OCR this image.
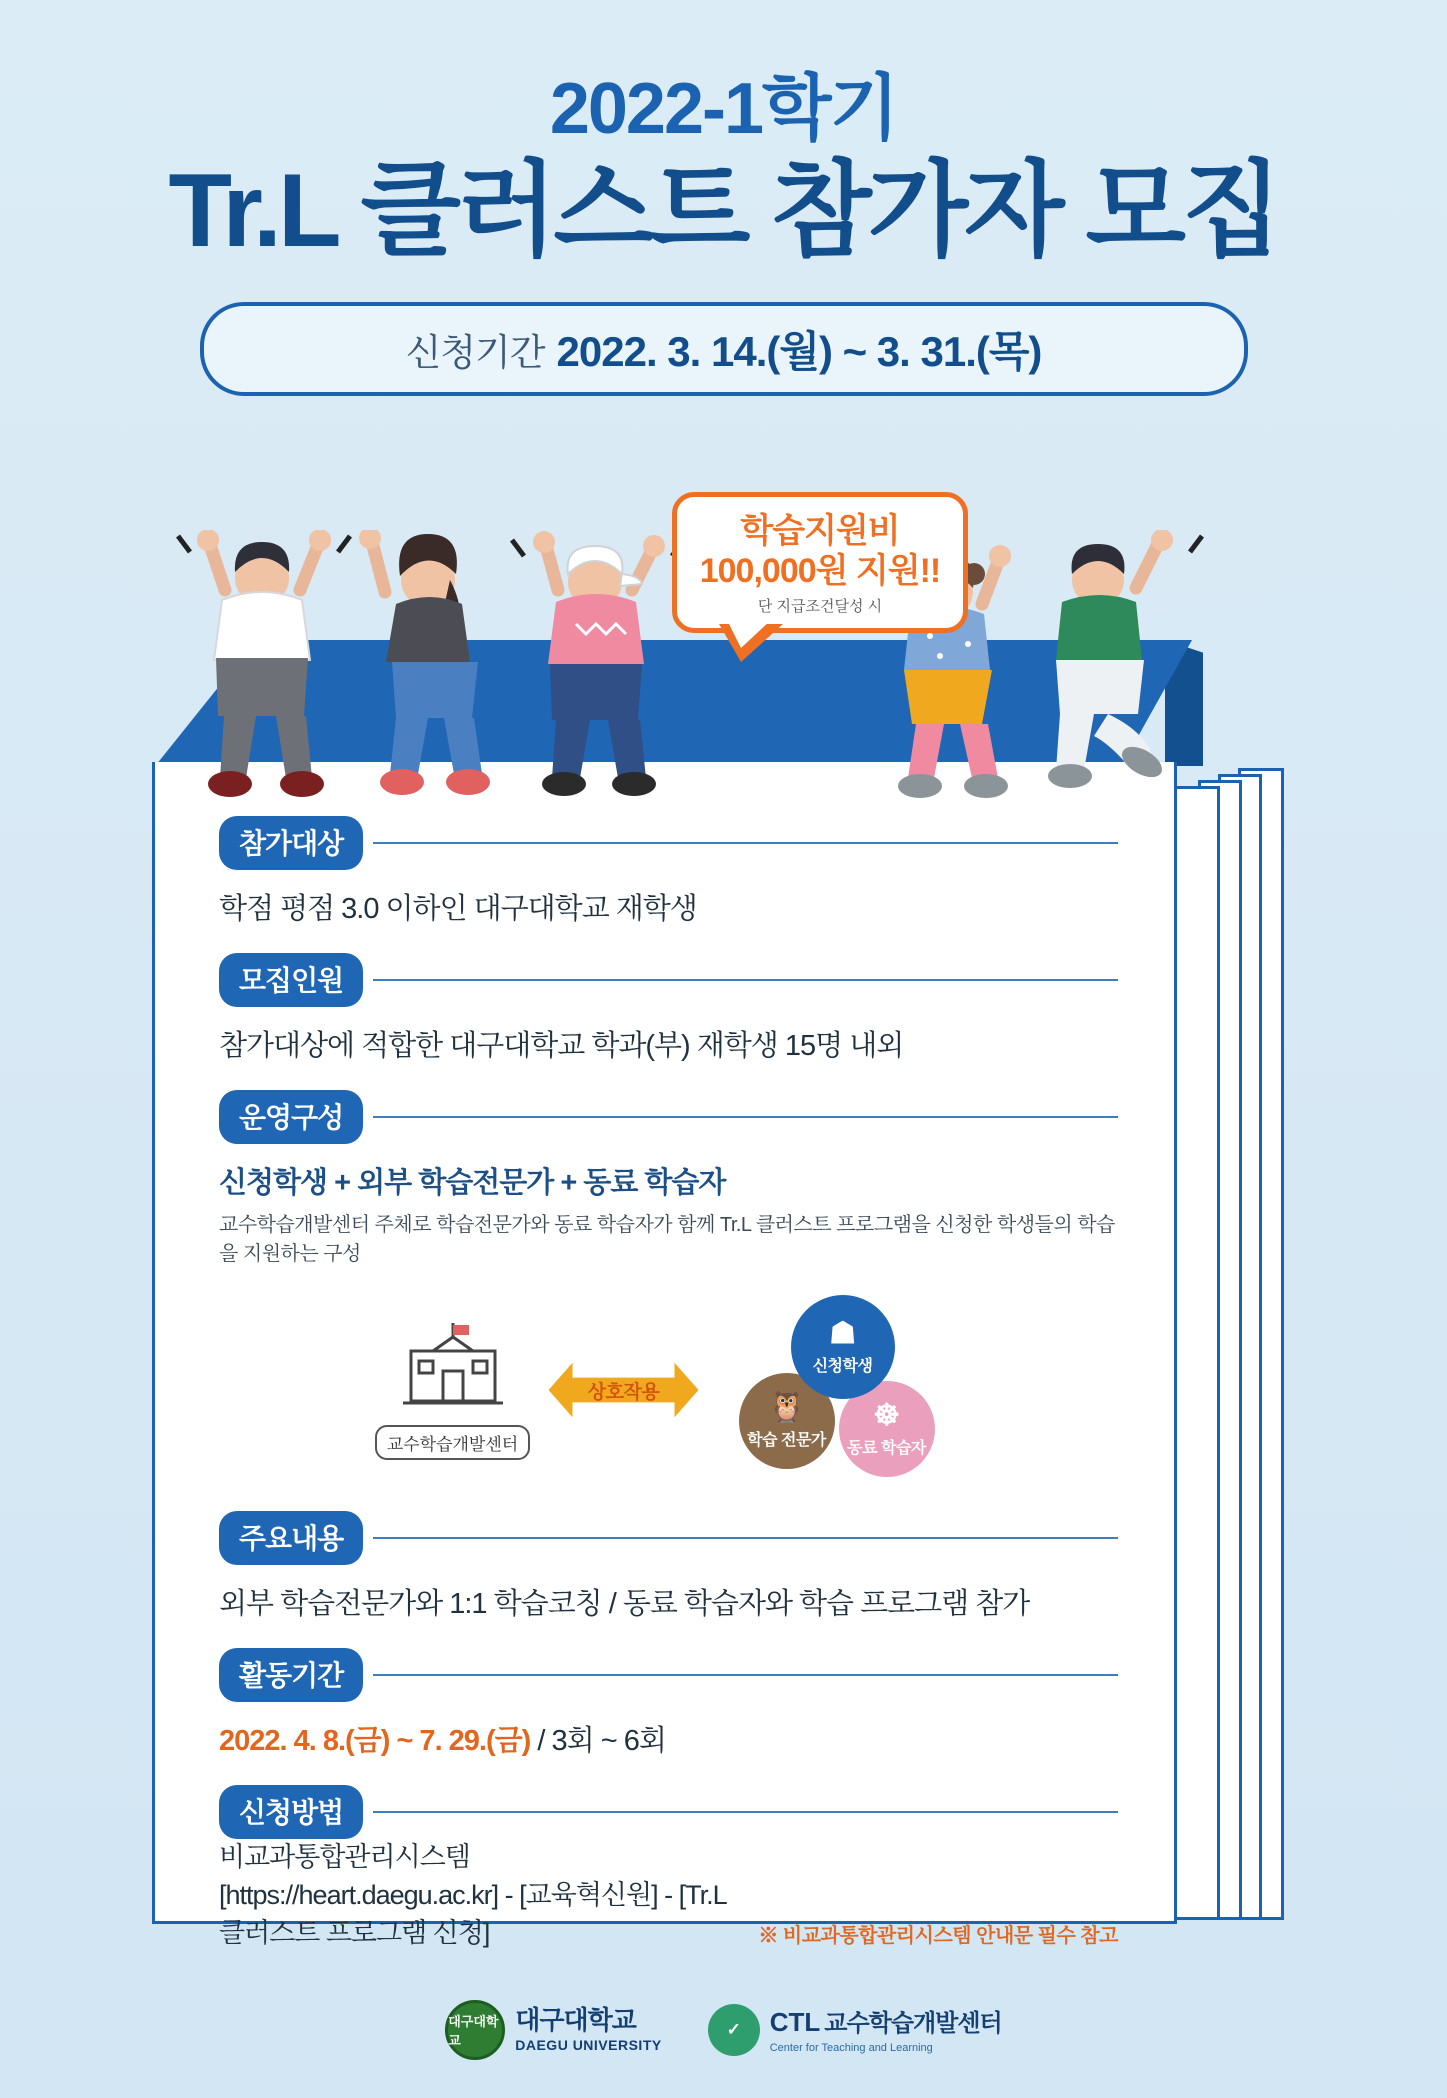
2022-1학기
Tr.L 클러스트 참가자 모집
신청기간 2022. 3. 14.(월) ~ 3. 31.(목)
학습지원비
100,000원 지원!!
단 지급조건달성 시
참가대상
학점 평점 3.0 이하인 대구대학교 재학생
모집인원
참가대상에 적합한 대구대학교 학과(부) 재학생 15명 내외
운영구성
신청학생 + 외부 학습전문가 + 동료 학습자
교수학습개발센터 주체로 학습전문가와 동료 학습자가 함께 Tr.L 클러스트 프로그램을 신청한 학생들의 학습을 지원하는 구성
교수학습개발센터
상호작용
☗
신청학생
🦉
학습 전문가
☸
동료 학습자
주요내용
외부 학습전문가와 1:1 학습코칭 / 동료 학습자와 학습 프로그램 참가
활동기간
2022. 4. 8.(금) ~ 7. 29.(금) / 3회 ~ 6회
신청방법
비교과통합관리시스템[https://heart.daegu.ac.kr] - [교육혁신원] - [Tr.L 클러스트 프로그램 신청]	※ 비교과통합관리시스템 안내문 필수 참고
대구대학교
대구대학교
DAEGU UNIVERSITY
✓	CTL 교수학습개발센터
Center for Teaching and Learning
